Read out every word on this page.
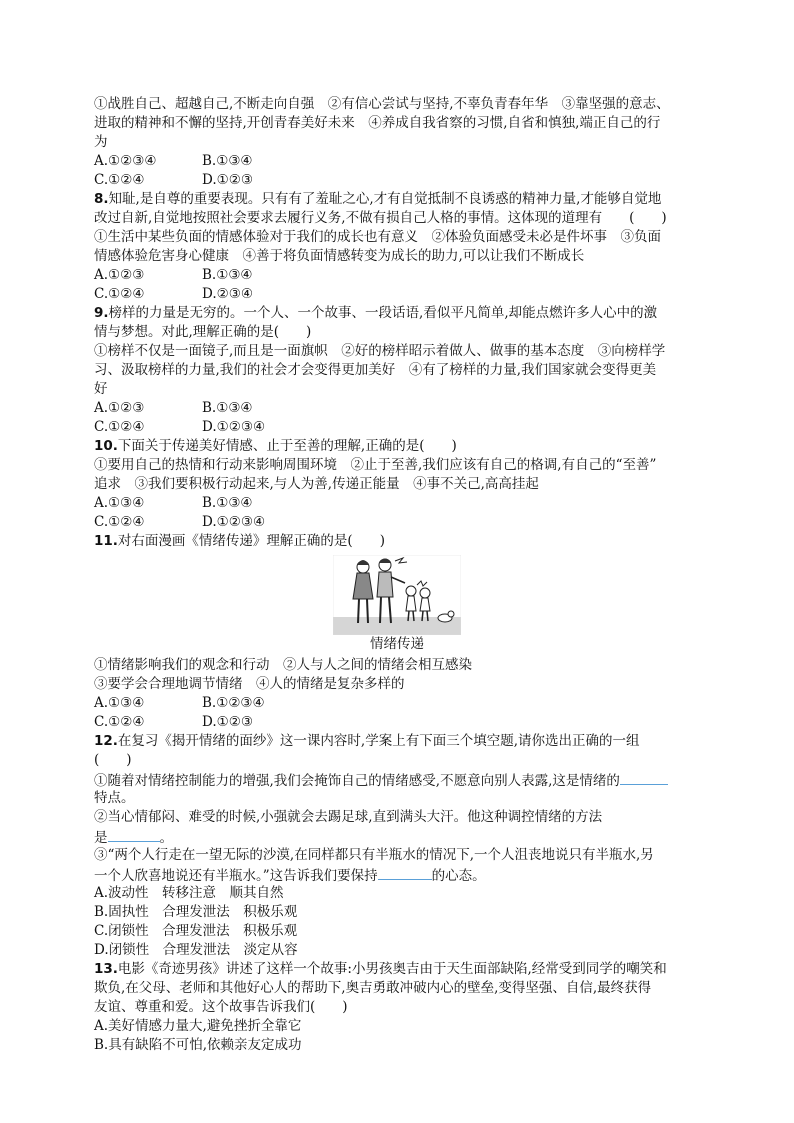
①战胜自己、超越自己,不断走向自强　②有信心尝试与坚持,不辜负青春年华　③靠坚强的意志、
进取的精神和不懈的坚持,开创青春美好未来　④养成自我省察的习惯,自省和慎独,端正自己的行
为
A.①②③④	B.①③④
C.①②④	D.①②③
8.知耻,是自尊的重要表现。只有有了羞耻之心,才有自觉抵制不良诱惑的精神力量,才能够自觉地
改过自新,自觉地按照社会要求去履行义务,不做有损自己人格的事情。这体现的道理有　　(　　)
①生活中某些负面的情感体验对于我们的成长也有意义　②体验负面感受未必是件坏事　③负面
情感体验危害身心健康　④善于将负面情感转变为成长的助力,可以让我们不断成长
A.①②③	B.①③④
C.①②④	D.②③④
9.榜样的力量是无穷的。一个人、一个故事、一段话语,看似平凡简单,却能点燃许多人心中的激
情与梦想。对此,理解正确的是(　　)
①榜样不仅是一面镜子,而且是一面旗帜　②好的榜样昭示着做人、做事的基本态度　③向榜样学
习、汲取榜样的力量,我们的社会才会变得更加美好　④有了榜样的力量,我们国家就会变得更美
好
A.①②③	B.①③④
C.①②④	D.①②③④
10.下面关于传递美好情感、止于至善的理解,正确的是(　　)
①要用自己的热情和行动来影响周围环境　②止于至善,我们应该有自己的格调,有自己的“至善”
追求　③我们要积极行动起来,与人为善,传递正能量　④事不关己,高高挂起
A.①③④	B.①③④
C.①②④	D.①②③④
11.对右面漫画《情绪传递》理解正确的是(　　)
情绪传递
①情绪影响我们的观念和行动　②人与人之间的情绪会相互感染
③要学会合理地调节情绪　④人的情绪是复杂多样的
A.①③④	B.①②③④
C.①②④	D.①②③
12.在复习《揭开情绪的面纱》这一课内容时,学案上有下面三个填空题,请你选出正确的一组
(　　)
①随着对情绪控制能力的增强,我们会掩饰自己的情绪感受,不愿意向别人表露,这是情绪的
特点。
②当心情郁闷、难受的时候,小强就会去踢足球,直到满头大汗。他这种调控情绪的方法
是	。
③“两个人行走在一望无际的沙漠,在同样都只有半瓶水的情况下,一个人沮丧地说只有半瓶水,另
一个人欣喜地说还有半瓶水。”这告诉我们要保持	的心态。
A.波动性　转移注意　顺其自然
B.固执性　合理发泄法　积极乐观
C.闭锁性　合理发泄法　积极乐观
D.闭锁性　合理发泄法　淡定从容
13.电影《奇迹男孩》讲述了这样一个故事:小男孩奥吉由于天生面部缺陷,经常受到同学的嘲笑和
欺负,在父母、老师和其他好心人的帮助下,奥吉勇敢冲破内心的壁垒,变得坚强、自信,最终获得
友谊、尊重和爱。这个故事告诉我们(　　)
A.美好情感力量大,避免挫折全靠它
B.具有缺陷不可怕,依赖亲友定成功
